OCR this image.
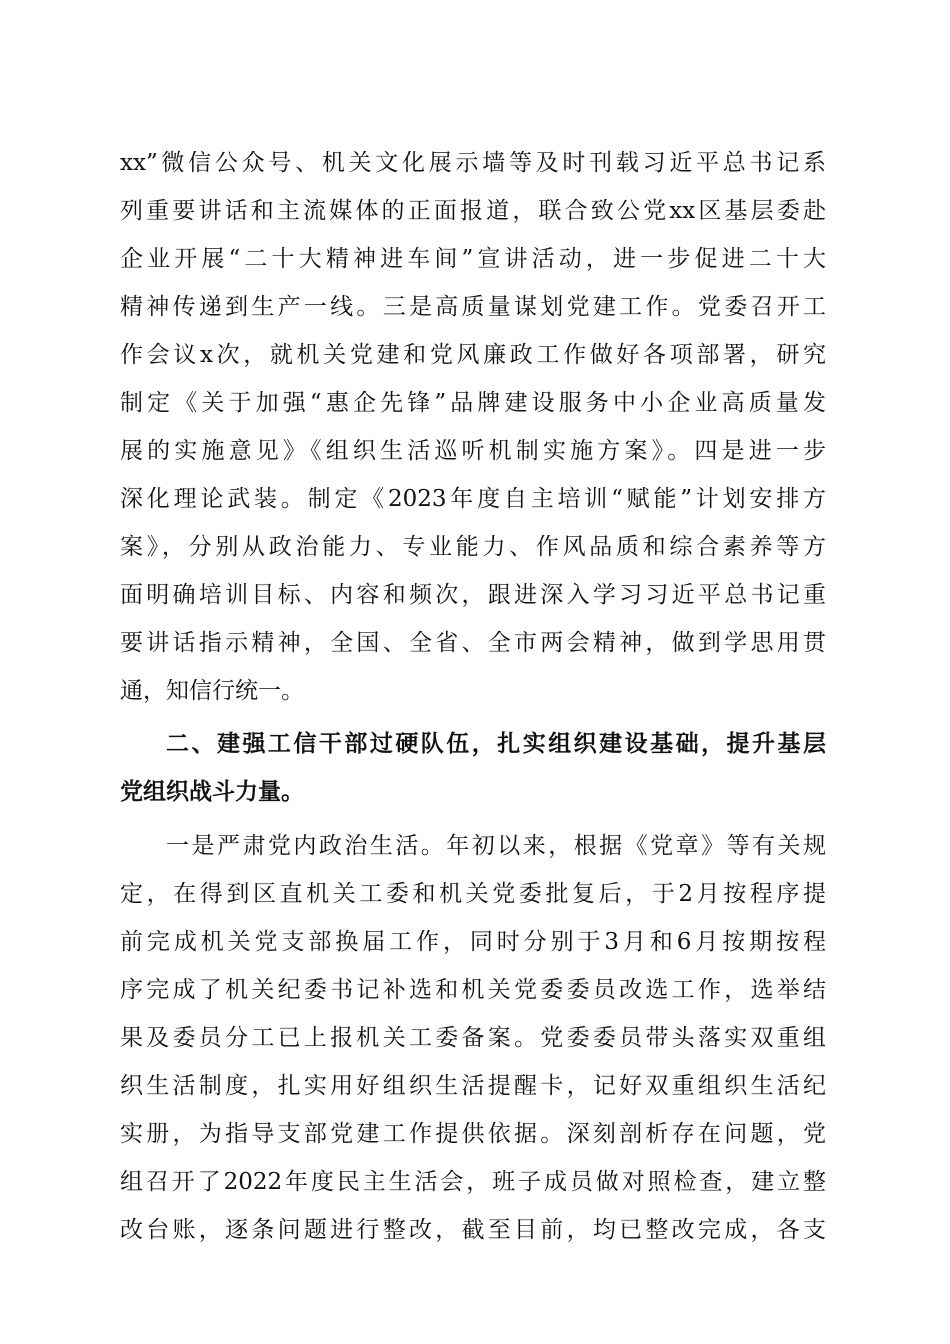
xx”微信公众号、机关文化展示墙等及时刊载习近平总书记系
列重要讲话和主流媒体的正面报道，联合致公党xx区基层委赴
企业开展“二十大精神进车间”宣讲活动，进一步促进二十大
精神传递到生产一线。三是高质量谋划党建工作。党委召开工
作会议x次，就机关党建和党风廉政工作做好各项部署，研究
制定《关于加强“惠企先锋”品牌建设服务中小企业高质量发
展的实施意见》《组织生活巡听机制实施方案》。四是进一步
深化理论武装。制定《2023年度自主培训“赋能”计划安排方
案》，分别从政治能力、专业能力、作风品质和综合素养等方
面明确培训目标、内容和频次，跟进深入学习习近平总书记重
要讲话指示精神，全国、全省、全市两会精神，做到学思用贯
通，知信行统一。
二、建强工信干部过硬队伍，扎实组织建设基础，提升基层
党组织战斗力量。
一是严肃党内政治生活。年初以来，根据《党章》等有关规
定，在得到区直机关工委和机关党委批复后，于2月按程序提
前完成机关党支部换届工作，同时分别于3月和6月按期按程
序完成了机关纪委书记补选和机关党委委员改选工作，选举结
果及委员分工已上报机关工委备案。党委委员带头落实双重组
织生活制度，扎实用好组织生活提醒卡，记好双重组织生活纪
实册，为指导支部党建工作提供依据。深刻剖析存在问题，党
组召开了2022年度民主生活会，班子成员做对照检查，建立整
改台账，逐条问题进行整改，截至目前，均已整改完成，各支
